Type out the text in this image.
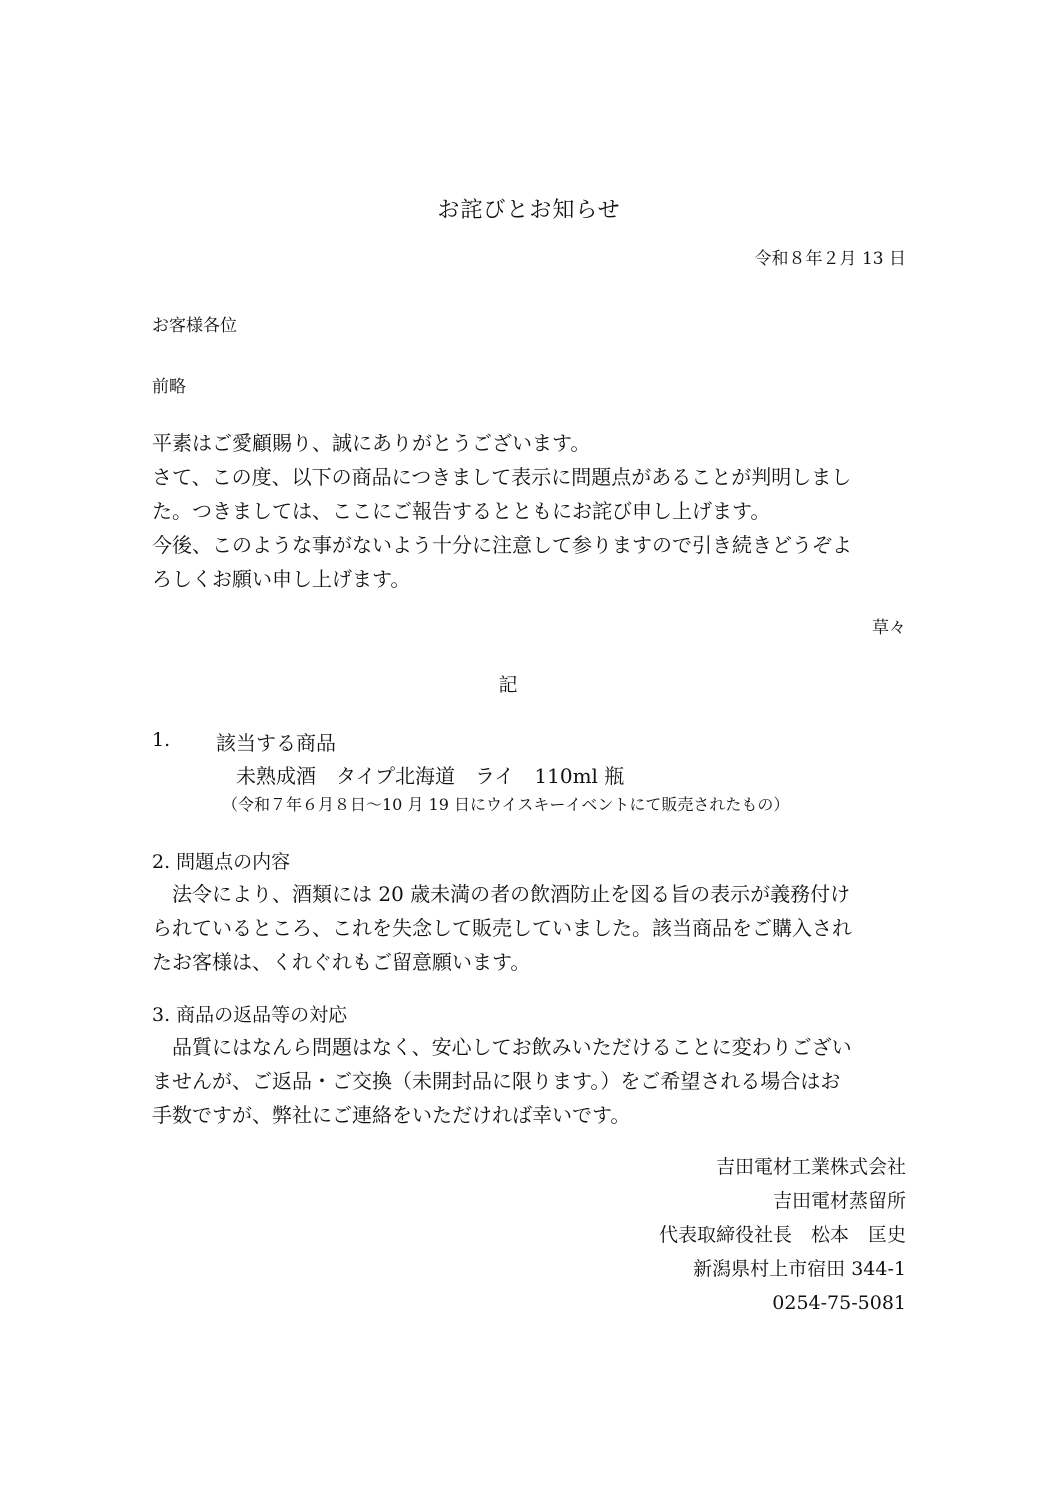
お詫びとお知らせ
令和８年２月 13 日
お客様各位
前略
平素はご愛顧賜り、誠にありがとうございます。
さて、この度、以下の商品につきまして表示に問題点があることが判明しまし
た。つきましては、ここにご報告するとともにお詫び申し上げます。
今後、このような事がないよう十分に注意して参りますので引き続きどうぞよ
ろしくお願い申し上げます。
草々
記
1. 該当する商品
未熟成酒　タイプ北海道　ライ　110ml 瓶
（令和７年６月８日〜10 月 19 日にウイスキーイベントにて販売されたもの）
2. 問題点の内容
　法令により、酒類には 20 歳未満の者の飲酒防止を図る旨の表示が義務付け
られているところ、これを失念して販売していました。該当商品をご購入され
たお客様は、くれぐれもご留意願います。
3. 商品の返品等の対応
　品質にはなんら問題はなく、安心してお飲みいただけることに変わりござい
ませんが、ご返品・ご交換（未開封品に限ります。）をご希望される場合はお
手数ですが、弊社にご連絡をいただければ幸いです。
吉田電材工業株式会社
吉田電材蒸留所
代表取締役社長　松本　匡史
新潟県村上市宿田 344-1
0254-75-5081
